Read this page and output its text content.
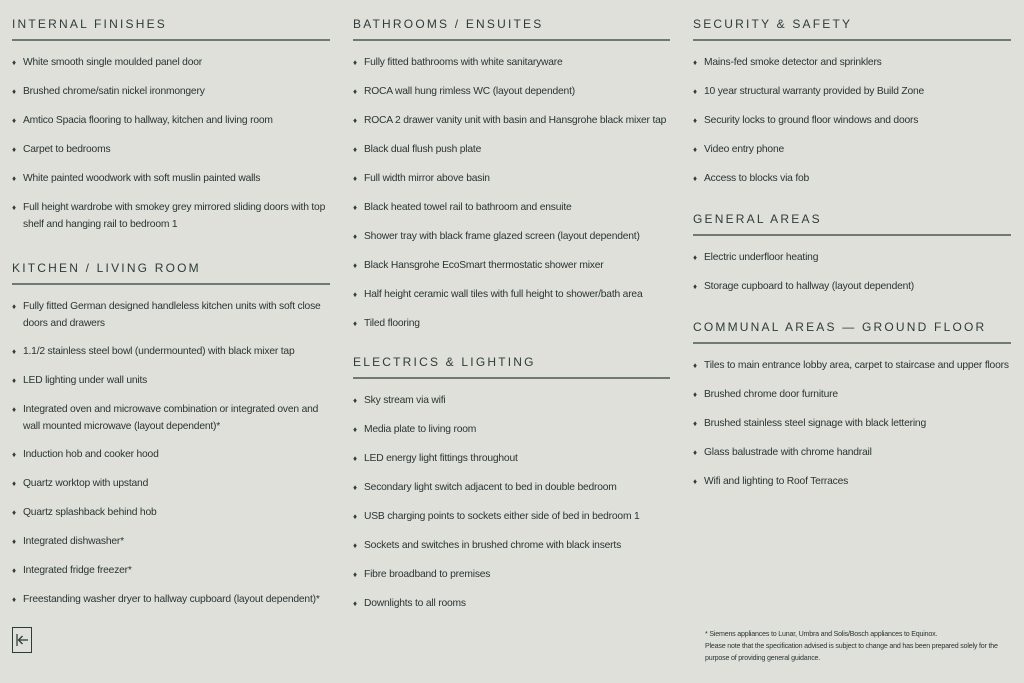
INTERNAL FINISHES
♦ White smooth single moulded panel door
♦ Brushed chrome/satin nickel ironmongery
♦ Amtico Spacia flooring to hallway, kitchen and living room
♦ Carpet to bedrooms
♦ White painted woodwork with soft muslin painted walls
♦ Full height wardrobe with smokey grey mirrored sliding doors with top shelf and hanging rail to bedroom 1
KITCHEN / LIVING ROOM
♦ Fully fitted German designed handleless kitchen units with soft close doors and drawers
♦ 1.1/2 stainless steel bowl (undermounted) with black mixer tap
♦ LED lighting under wall units
♦ Integrated oven and microwave combination or integrated oven and wall mounted microwave (layout dependent)*
♦ Induction hob and cooker hood
♦ Quartz worktop with upstand
♦ Quartz splashback behind hob
♦ Integrated dishwasher*
♦ Integrated fridge freezer*
♦ Freestanding washer dryer to hallway cupboard (layout dependent)*
BATHROOMS / ENSUITES
♦ Fully fitted bathrooms with white sanitaryware
♦ ROCA wall hung rimless WC (layout dependent)
♦ ROCA 2 drawer vanity unit with basin and Hansgrohe black mixer tap
♦ Black dual flush push plate
♦ Full width mirror above basin
♦ Black heated towel rail to bathroom and ensuite
♦ Shower tray with black frame glazed screen (layout dependent)
♦ Black Hansgrohe EcoSmart thermostatic shower mixer
♦ Half height ceramic wall tiles with full height to shower/bath area
♦ Tiled flooring
ELECTRICS & LIGHTING
♦ Sky stream via wifi
♦ Media plate to living room
♦ LED energy light fittings throughout
♦ Secondary light switch adjacent to bed in double bedroom
♦ USB charging points to sockets either side of bed in bedroom 1
♦ Sockets and switches in brushed chrome with black inserts
♦ Fibre broadband to premises
♦ Downlights to all rooms
SECURITY & SAFETY
♦ Mains-fed smoke detector and sprinklers
♦ 10 year structural warranty provided by Build Zone
♦ Security locks to ground floor windows and doors
♦ Video entry phone
♦ Access to blocks via fob
GENERAL AREAS
♦ Electric underfloor heating
♦ Storage cupboard to hallway (layout dependent)
COMMUNAL AREAS — GROUND FLOOR
♦ Tiles to main entrance lobby area, carpet to staircase and upper floors
♦ Brushed chrome door furniture
♦ Brushed stainless steel signage with black lettering
♦ Glass balustrade with chrome handrail
♦ Wifi and lighting to Roof Terraces

* Siemens appliances to Lunar, Umbra and Solis/Bosch appliances to Equinox.

Please note that the specification advised is subject to change and has been prepared solely for the purpose of providing general guidance.
